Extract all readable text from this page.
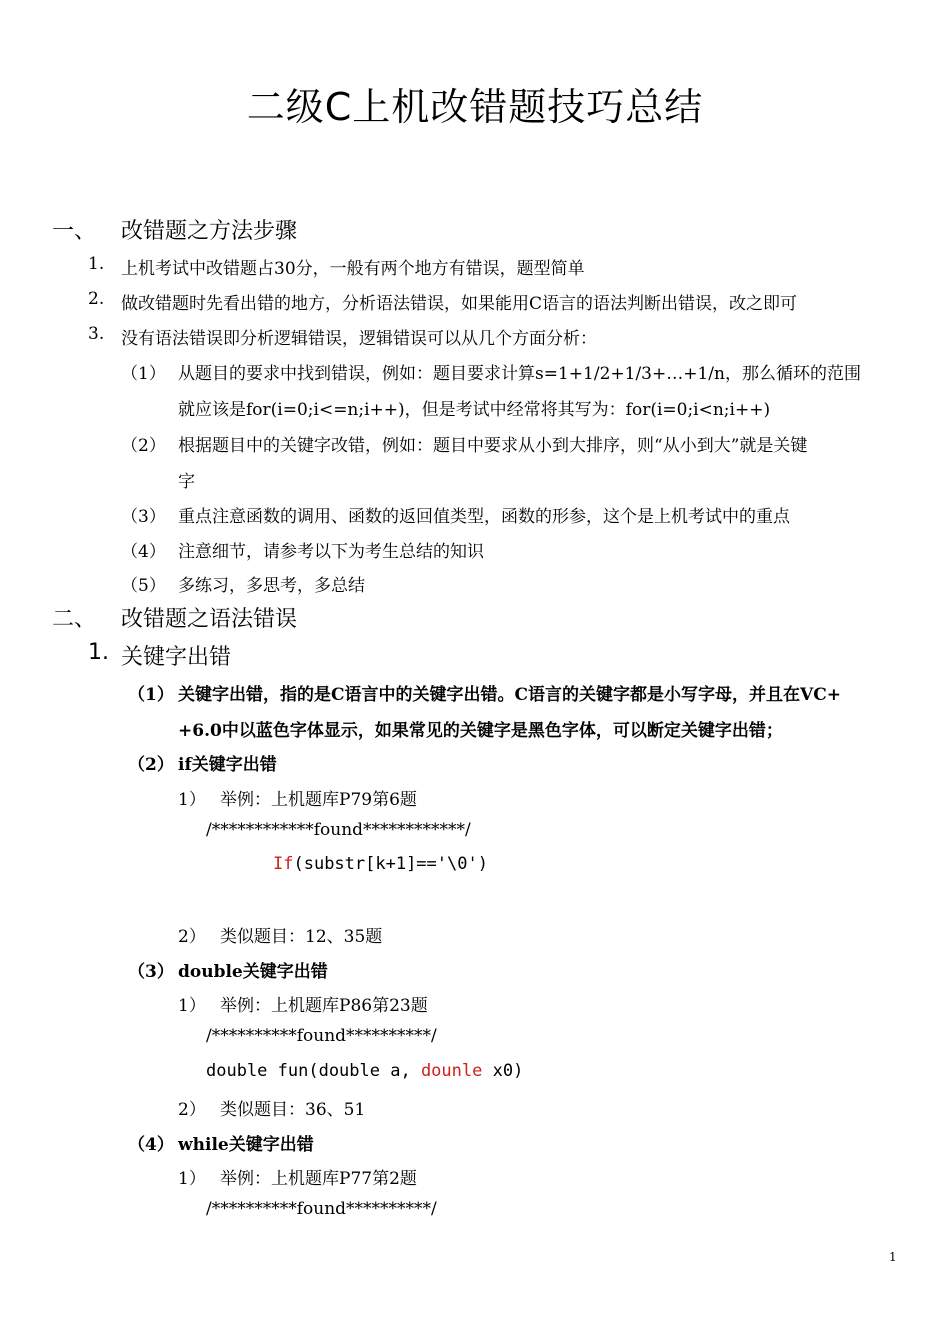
二级C上机改错题技巧总结
一、 改错题之方法步骤
1. 上机考试中改错题占30分，一般有两个地方有错误，题型简单
2. 做改错题时先看出错的地方，分析语法错误，如果能用C语言的语法判断出错误，改之即可
3. 没有语法错误即分析逻辑错误，逻辑错误可以从几个方面分析：
（1） 从题目的要求中找到错误，例如：题目要求计算s=1+1/2+1/3+…+1/n，那么循环的范围
就应该是for(i=0;i<=n;i++)，但是考试中经常将其写为：for(i=0;i<n;i++)
（2） 根据题目中的关键字改错，例如：题目中要求从小到大排序，则“从小到大”就是关键
字
（3） 重点注意函数的调用、函数的返回值类型，函数的形参，这个是上机考试中的重点
（4） 注意细节，请参考以下为考生总结的知识
（5） 多练习，多思考，多总结
二、 改错题之语法错误
1. 关键字出错
（1） 关键字出错，指的是C语言中的关键字出错。C语言的关键字都是小写字母，并且在VC+
+6.0中以蓝色字体显示，如果常见的关键字是黑色字体，可以断定关键字出错；
（2） if关键字出错
1） 举例：上机题库P79第6题
/************found************/
If(substr[k+1]=='\0')
2） 类似题目：12、35题
（3） double关键字出错
1） 举例：上机题库P86第23题
/**********found**********/
double fun(double a, dounle x0)
2） 类似题目：36、51
（4） while关键字出错
1） 举例：上机题库P77第2题
/**********found**********/
1
